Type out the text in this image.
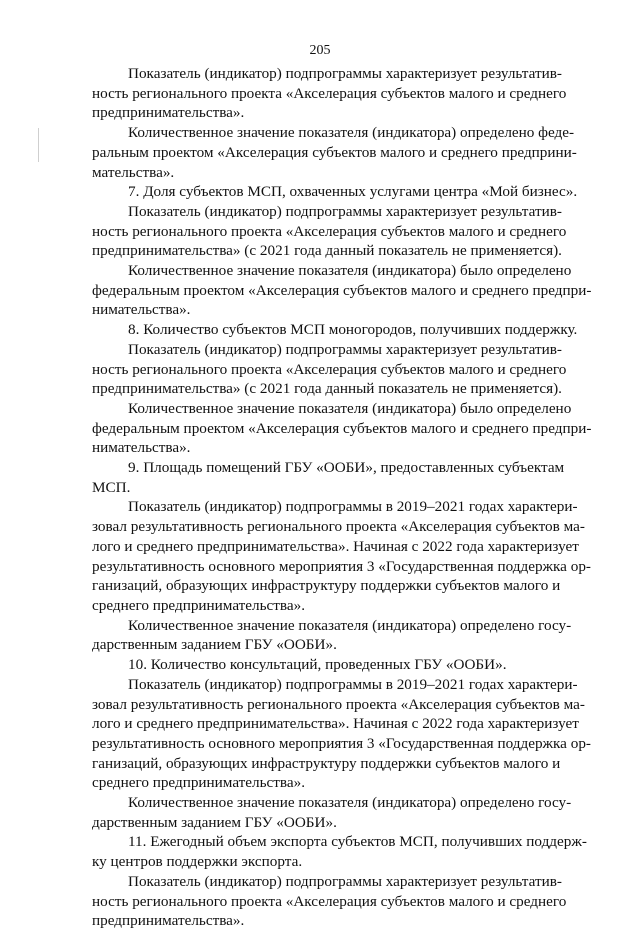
205

Показатель (индикатор) подпрограммы характеризует результатив-
ность регионального проекта «Акселерация субъектов малого и среднего
предпринимательства».

Количественное значение показателя (индикатора) определено феде-
ральным проектом «Акселерация субъектов малого и среднего предприни-
мательства».

7. Доля субъектов МСП, охваченных услугами центра «Мой бизнес».

Показатель (индикатор) подпрограммы характеризует результатив-
ность регионального проекта «Акселерация субъектов малого и среднего
предпринимательства» (с 2021 года данный показатель не применяется).

Количественное значение показателя (индикатора) было определено
федеральным проектом «Акселерация субъектов малого и среднего предпри-
нимательства».

8. Количество субъектов МСП моногородов, получивших поддержку.

Показатель (индикатор) подпрограммы характеризует результатив-
ность регионального проекта «Акселерация субъектов малого и среднего
предпринимательства» (с 2021 года данный показатель не применяется).

Количественное значение показателя (индикатора) было определено
федеральным проектом «Акселерация субъектов малого и среднего предпри-
нимательства».

9. Площадь помещений ГБУ «ООБИ», предоставленных субъектам
МСП.

Показатель (индикатор) подпрограммы в 2019–2021 годах характери-
зовал результативность регионального проекта «Акселерация субъектов ма-
лого и среднего предпринимательства». Начиная с 2022 года характеризует
результативность основного мероприятия 3 «Государственная поддержка ор-
ганизаций, образующих инфраструктуру поддержки субъектов малого и
среднего предпринимательства».

Количественное значение показателя (индикатора) определено госу-
дарственным заданием ГБУ «ООБИ».

10. Количество консультаций, проведенных ГБУ «ООБИ».

Показатель (индикатор) подпрограммы в 2019–2021 годах характери-
зовал результативность регионального проекта «Акселерация субъектов ма-
лого и среднего предпринимательства». Начиная с 2022 года характеризует
результативность основного мероприятия 3 «Государственная поддержка ор-
ганизаций, образующих инфраструктуру поддержки субъектов малого и
среднего предпринимательства».

Количественное значение показателя (индикатора) определено госу-
дарственным заданием ГБУ «ООБИ».

11. Ежегодный объем экспорта субъектов МСП, получивших поддерж-
ку центров поддержки экспорта.

Показатель (индикатор) подпрограммы характеризует результатив-
ность регионального проекта «Акселерация субъектов малого и среднего
предпринимательства».
